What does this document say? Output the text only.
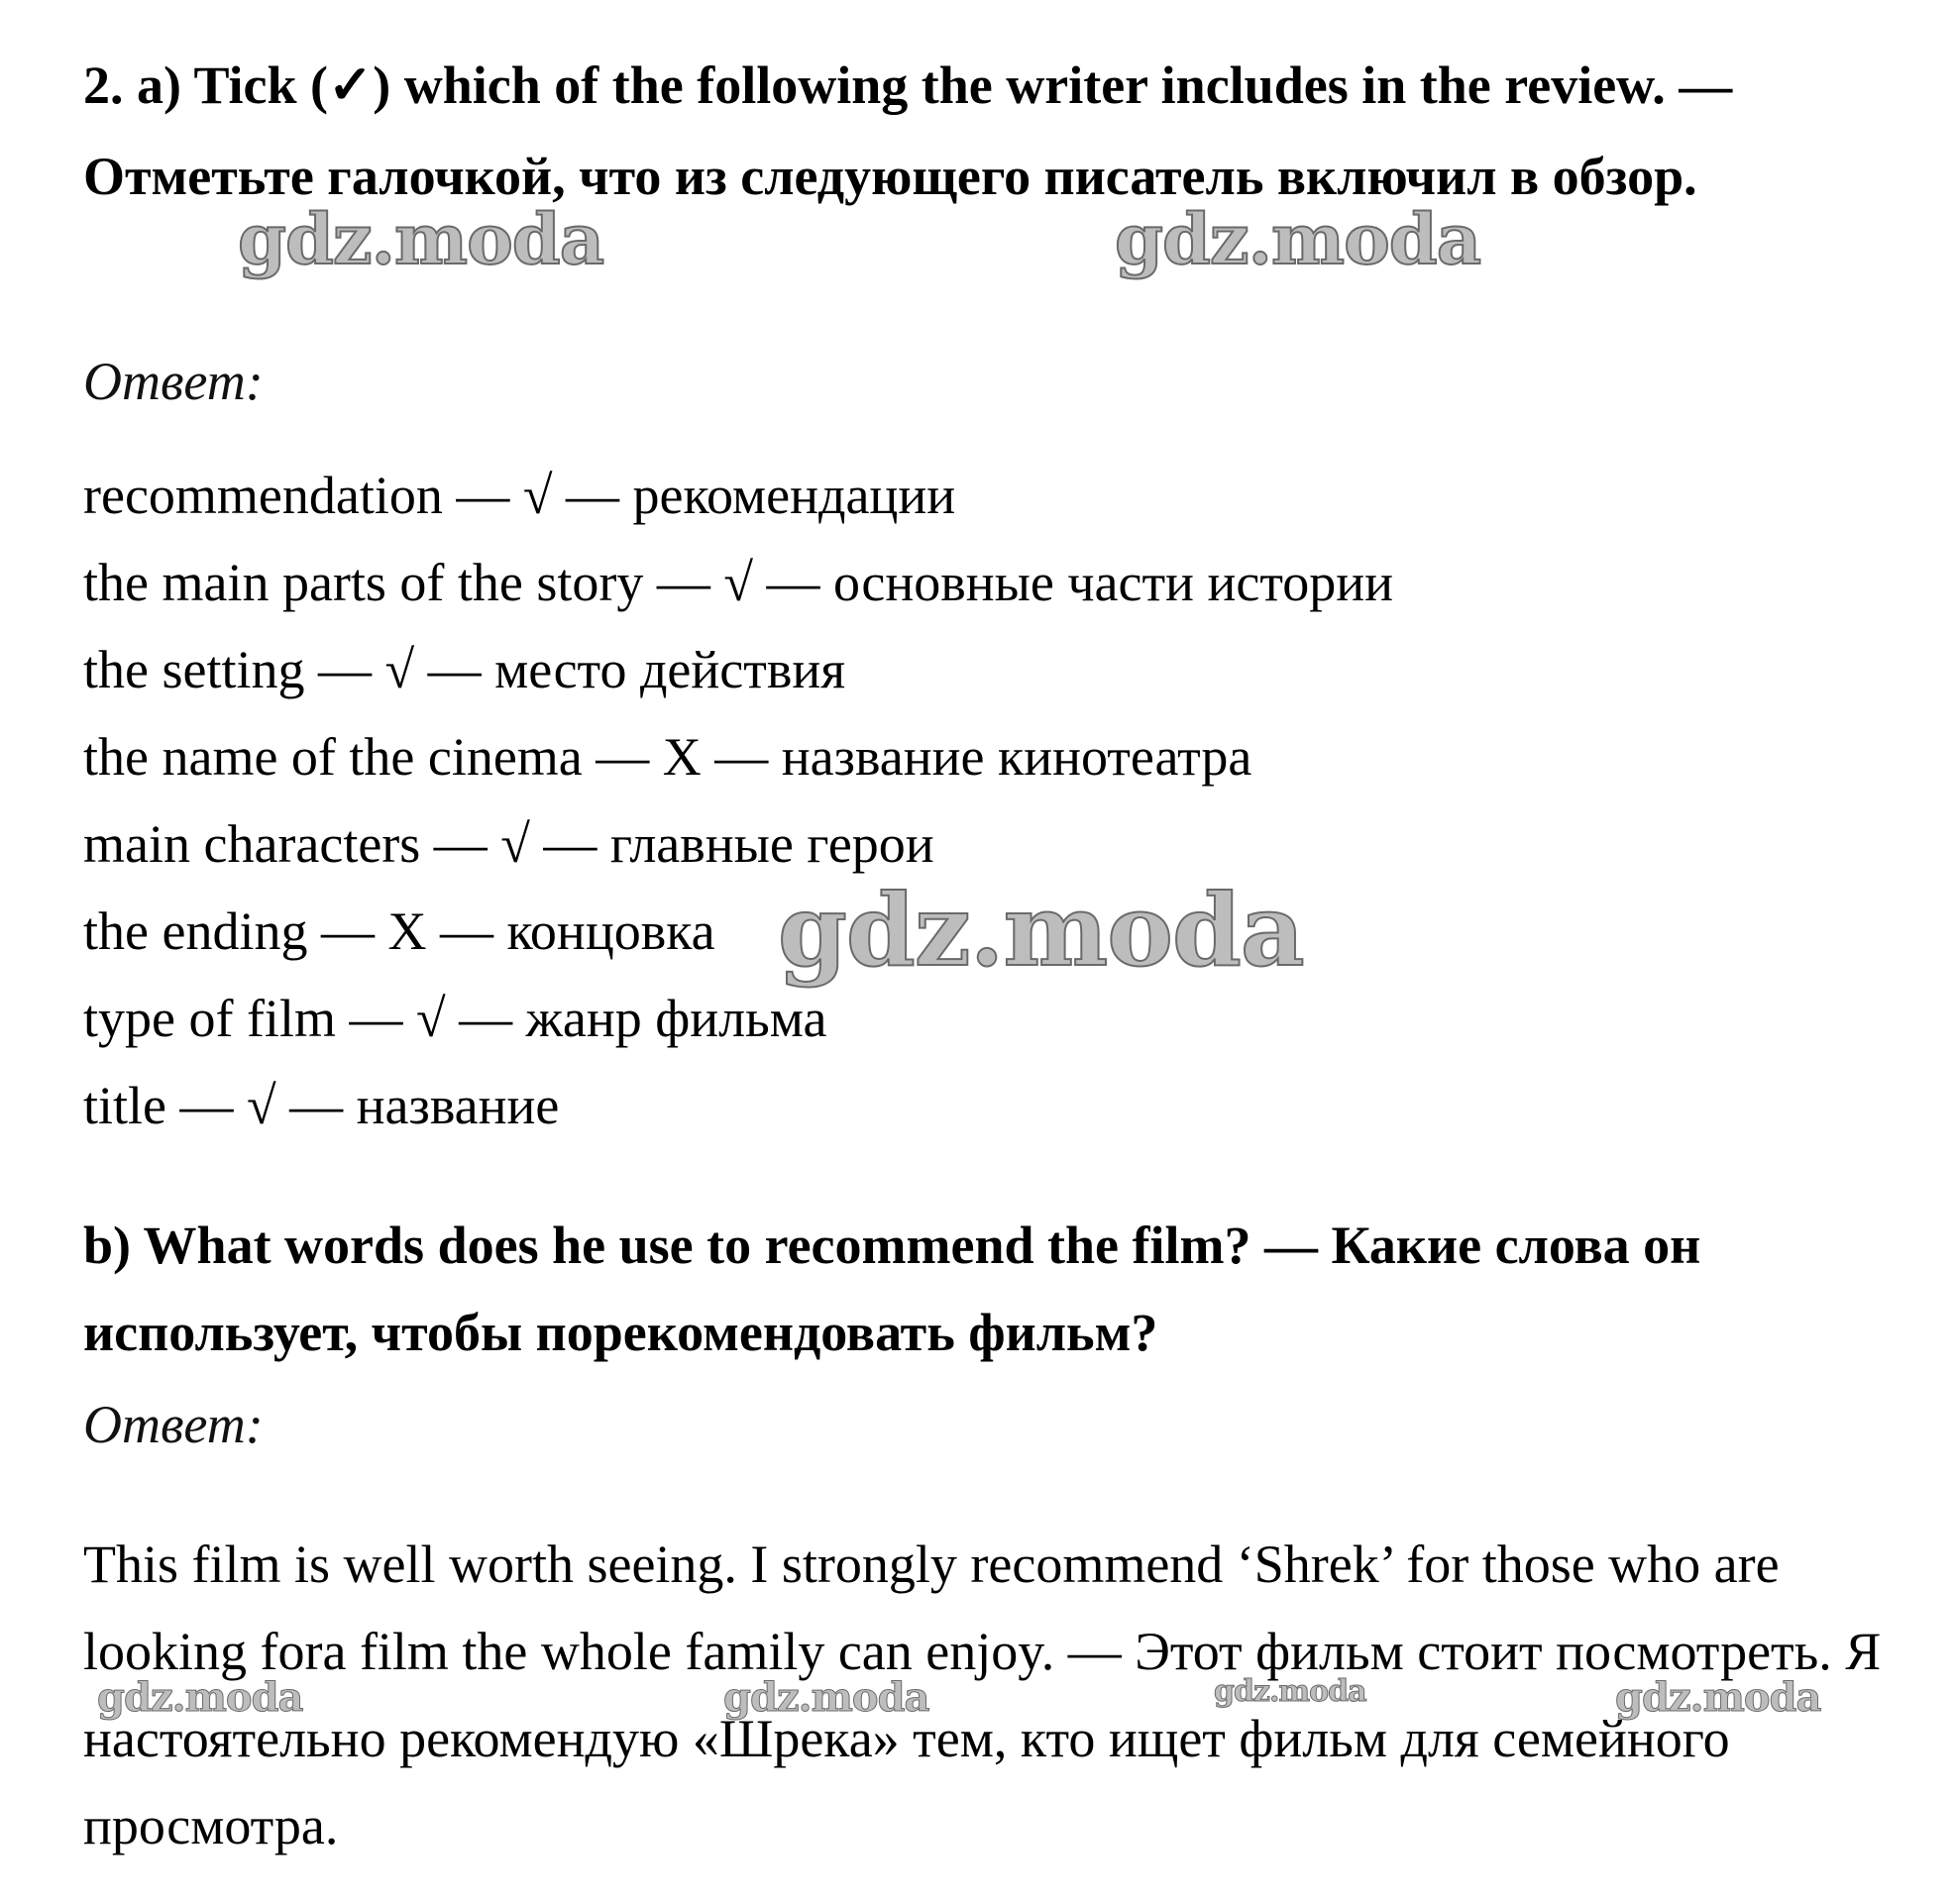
2. a) Tick (✓) which of the following the writer includes in the review. — Отметьте галочкой, что из следующего писатель включил в обзор.

Ответ:

recommendation — √ — рекомендации
the main parts of the story — √ — основные части истории
the setting — √ — место действия
the name of the cinema — X — название кинотеатра
main characters — √ — главные герои
the ending — X — концовка
type of film — √ — жанр фильма
title — √ — название

b) What words does he use to recommend the film? — Какие слова он использует, чтобы порекомендовать фильм?

Ответ:

This film is well worth seeing. I strongly recommend ‘Shrek’ for those who are looking fora film the whole family can enjoy. — Этот фильм стоит посмотреть. Я настоятельно рекомендую «Шрека» тем, кто ищет фильм для семейного просмотра.

gdz.moda	gdz.moda
gdz.moda
gdz.moda	gdz.moda	gdz.moda	gdz.moda
